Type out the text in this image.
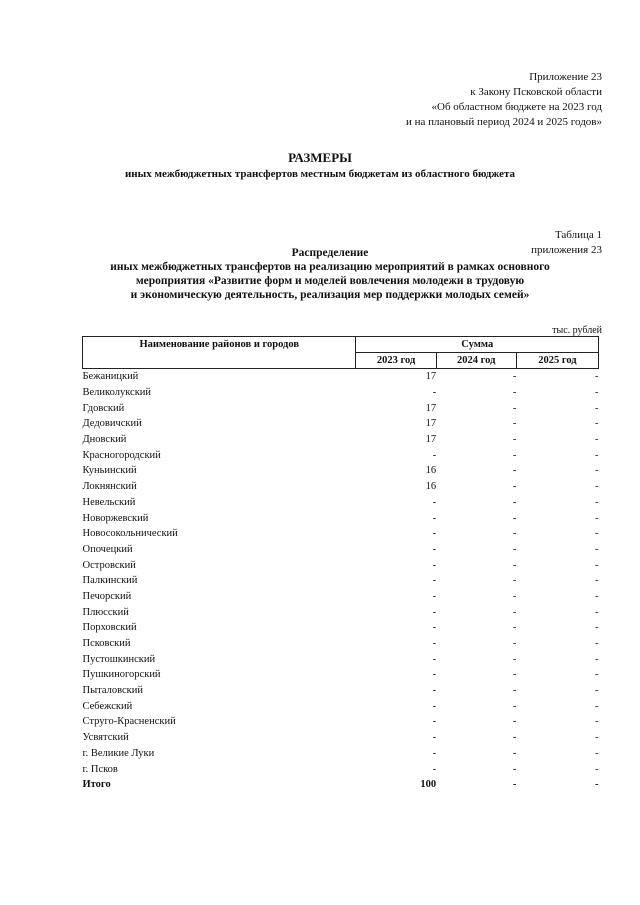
Приложение 23
к Закону Псковской области
«Об областном бюджете на 2023 год
и на плановый период 2024 и 2025 годов»
РАЗМЕРЫ
иных межбюджетных трансфертов местным бюджетам из областного бюджета
Таблица 1
приложения 23
Распределение
иных межбюджетных трансфертов на реализацию мероприятий в рамках основного
мероприятия «Развитие форм и моделей вовлечения молодежи в трудовую
и экономическую деятельность, реализация мер поддержки молодых семей»
тыс. рублей
Наименование районов и городов	Сумма		
	2023 год	2024 год	2025 год
Бежаницкий	17	-	-
Великолукский	-	-	-
Гдовский	17	-	-
Дедовичский	17	-	-
Дновский	17	-	-
Красногородский	-	-	-
Куньинский	16	-	-
Локнянский	16	-	-
Невельский	-	-	-
Новоржевский	-	-	-
Новосокольнический	-	-	-
Опочецкий	-	-	-
Островский	-	-	-
Палкинский	-	-	-
Печорский	-	-	-
Плюсский	-	-	-
Порховский	-	-	-
Псковский	-	-	-
Пустошкинский	-	-	-
Пушкиногорский	-	-	-
Пыталовский	-	-	-
Себежский	-	-	-
Струго-Красненский	-	-	-
Усвятский	-	-	-
г. Великие Луки	-	-	-
г. Псков	-	-	-
Итого	100	-	-
